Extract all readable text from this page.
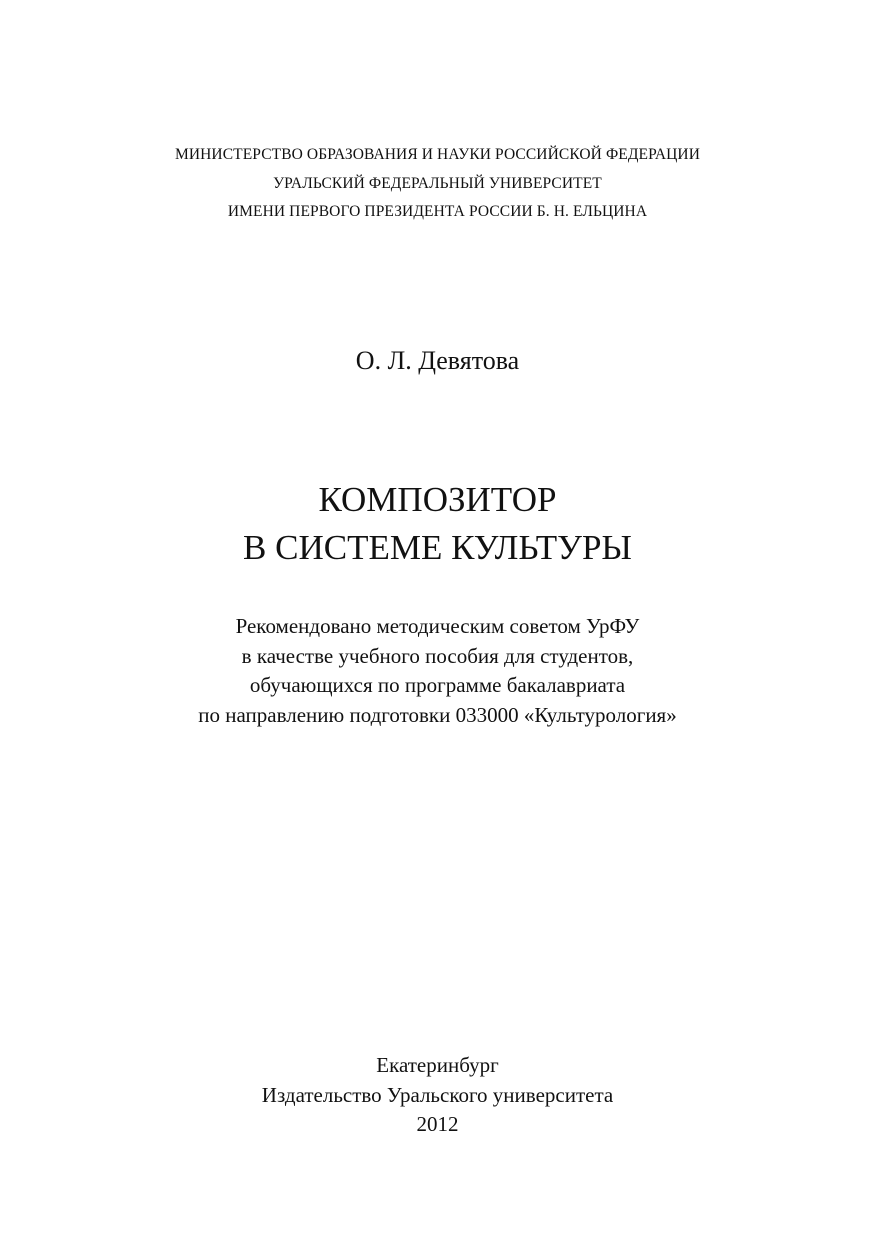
МИНИСТЕРСТВО ОБРАЗОВАНИЯ И НАУКИ РОССИЙСКОЙ ФЕДЕРАЦИИ
УРАЛЬСКИЙ ФЕДЕРАЛЬНЫЙ УНИВЕРСИТЕТ
ИМЕНИ ПЕРВОГО ПРЕЗИДЕНТА РОССИИ Б. Н. ЕЛЬЦИНА
О. Л. Девятова
КОМПОЗИТОР
В СИСТЕМЕ КУЛЬТУРЫ
Рекомендовано методическим советом УрФУ
в качестве учебного пособия для студентов,
обучающихся по программе бакалавриата
по направлению подготовки 033000 «Культурология»
Екатеринбург
Издательство Уральского университета
2012
